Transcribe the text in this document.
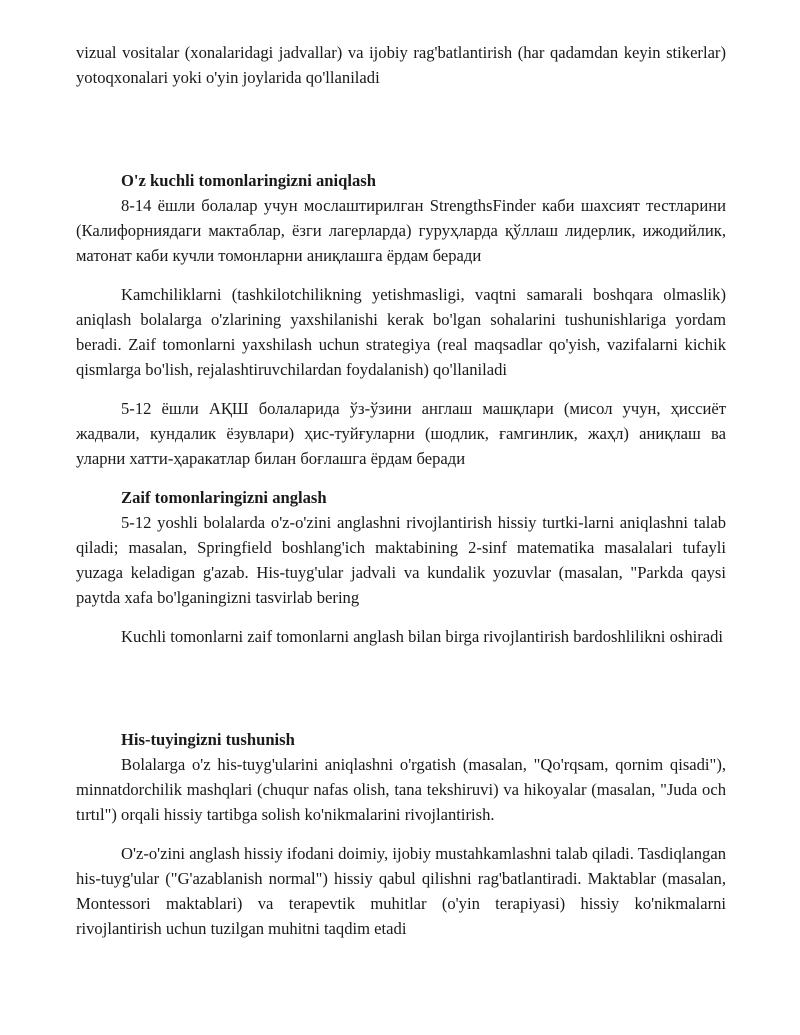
vizual vositalar (xonalaridagi jadvallar) va ijobiy rag'batlantirish (har qadamdan keyin stikerlar) yotoqxonalari yoki o'yin joylarida qo'llaniladi

O'z kuchli tomonlaringizni aniqlash

8-14 ёшли болалар учун мослаштирилган StrengthsFinder каби шахсият тестларини (Калифорниядаги мактаблар, ёзги лагерларда) гуруҳларда қўллаш лидерлик, ижодийлик, матонат каби кучли томонларни аниқлашга ёрдам беради

Kamchiliklarni (tashkilotchilikning yetishmasligi, vaqtni samarali boshqara olmaslik) aniqlash bolalarga o'zlarining yaxshilanishi kerak bo'lgan sohalarini tushunishlariga yordam beradi. Zaif tomonlarni yaxshilash uchun strategiya (real maqsadlar qo'yish, vazifalarni kichik qismlarga bo'lish, rejalashtiruvchilardan foydalanish) qo'llaniladi

5-12 ёшли АҚШ болаларида ўз-ўзини англаш машқлари (мисол учун, ҳиссиёт жадвали, кундалик ёзувлари) ҳис-туйғуларни (шодлик, ғамгинлик, жаҳл) аниқлаш ва уларни хатти-ҳаракатлар билан боғлашга ёрдам беради

Zaif tomonlaringizni anglash

5-12 yoshli bolalarda o'z-o'zini anglashni rivojlantirish hissiy turtki-larni aniqlashni talab qiladi; masalan, Springfield boshlang'ich maktabining 2-sinf matematika masalalari tufayli yuzaga keladigan g'azab. His-tuyg'ular jadvali va kundalik yozuvlar (masalan, "Parkda qaysi paytda xafa bo'lganingizni tasvirlab bering

Kuchli tomonlarni zaif tomonlarni anglash bilan birga rivojlantirish bardoshlilikni oshiradi

His-tuyingizni tushunish

Bolalarga o'z his-tuyg'ularini aniqlashni o'rgatish (masalan, "Qo'rqsam, qornim qisadi"), minnatdorchilik mashqlari (chuqur nafas olish, tana tekshiruvi) va hikoyalar (masalan, "Juda och tırtıl") orqali hissiy tartibga solish ko'nikmalarini rivojlantirish.

O'z-o'zini anglash hissiy ifodani doimiy, ijobiy mustahkamlashni talab qiladi. Tasdiqlangan his-tuyg'ular ("G'azablanish normal") hissiy qabul qilishni rag'batlantiradi. Maktablar (masalan, Montessori maktablari) va terapevtik muhitlar (o'yin terapiyasi) hissiy ko'nikmalarni rivojlantirish uchun tuzilgan muhitni taqdim etadi
